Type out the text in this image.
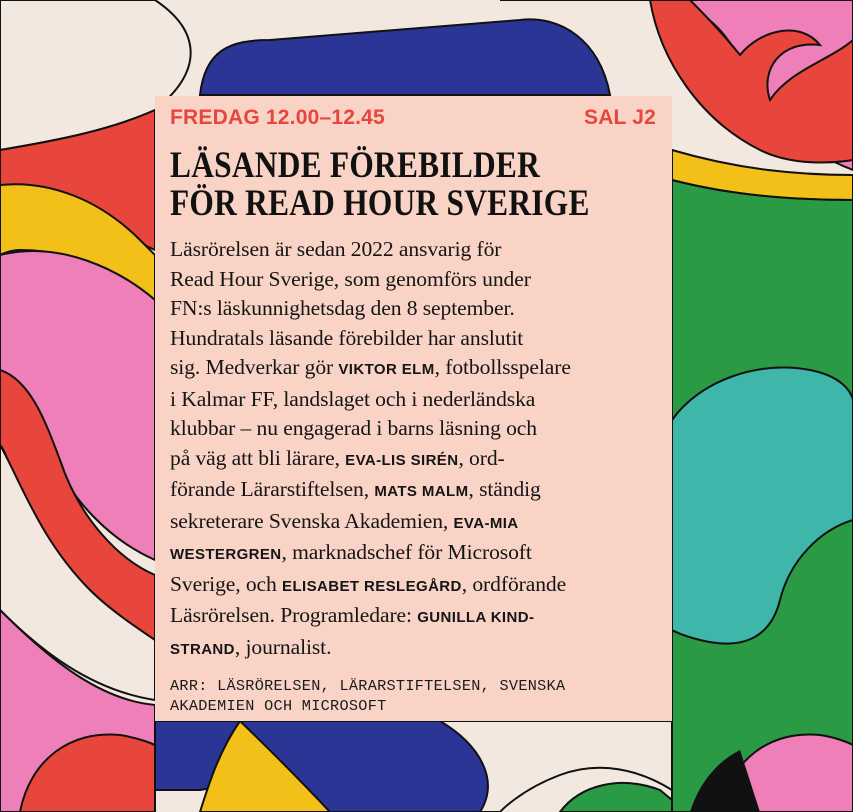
FREDAG 12.00–12.45	SAL J2
LÄSANDE FÖREBILDER
FÖR READ HOUR SVERIGE
Läsrörelsen är sedan 2022 ansvarig för
Read Hour Sverige, som genomförs under
FN:s läskunnighetsdag den 8 september.
Hundratals läsande förebilder har anslutit
sig. Medverkar gör VIKTOR ELM, fotbollsspelare
i Kalmar FF, landslaget och i nederländska
klubbar – nu engagerad i barns läsning och
på väg att bli lärare, EVA-LIS SIRÉN, ord-
förande Lärarstiftelsen, MATS MALM, ständig
sekreterare Svenska Akademien, EVA-MIA
WESTERGREN, marknadschef för Microsoft
Sverige, och ELISABET RESLEGÅRD, ordförande
Läsrörelsen. Programledare: GUNILLA KIND-
STRAND, journalist.
ARR: LÄSRÖRELSEN, LÄRARSTIFTELSEN, SVENSKA
AKADEMIEN OCH MICROSOFT
